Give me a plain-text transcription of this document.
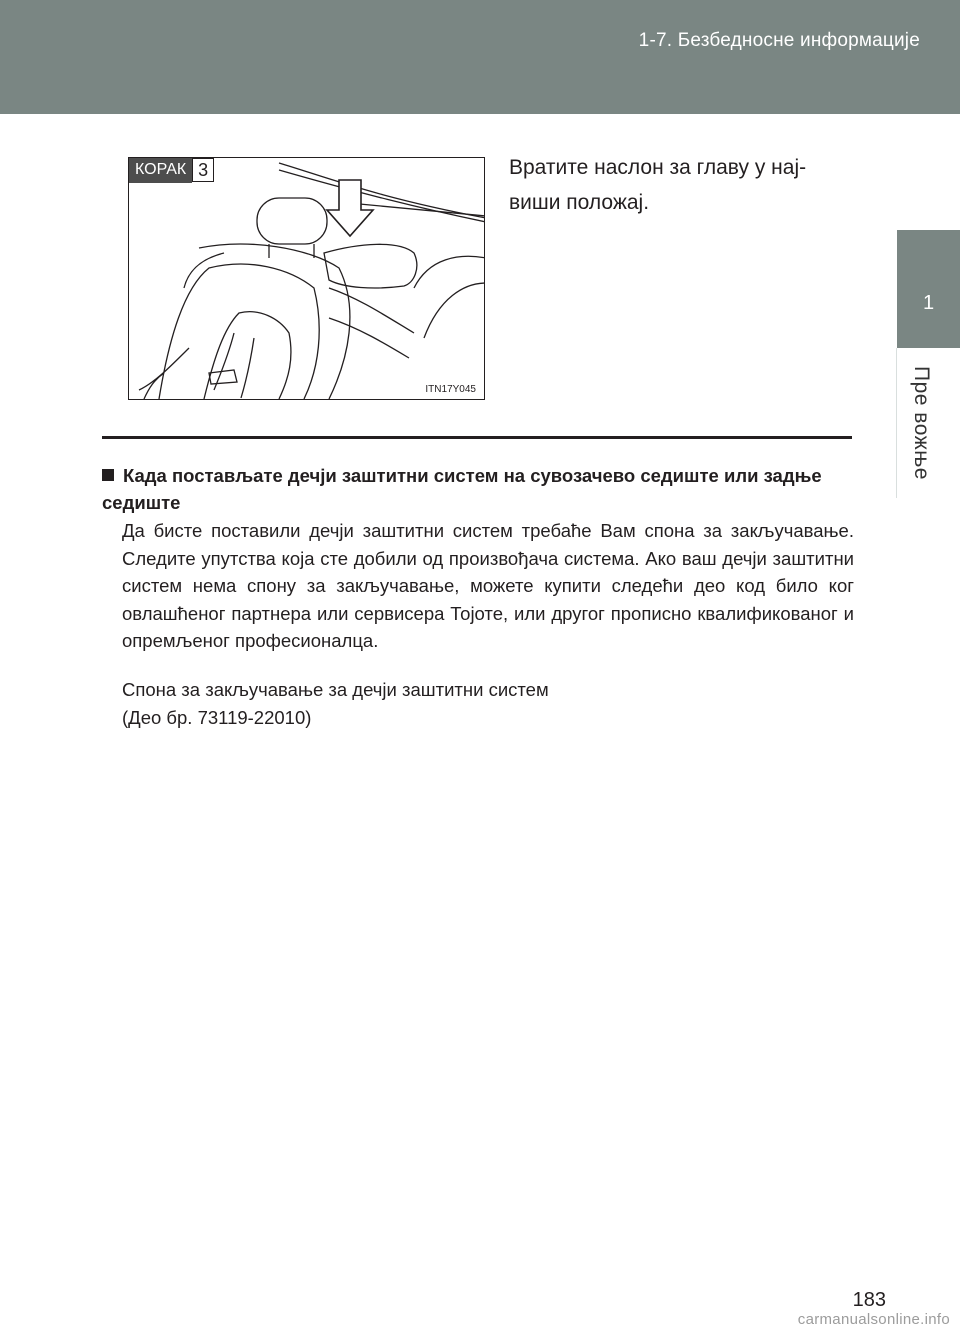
1-7. Безбедносне информације
1
Пре вожње
КОРАК 3
ITN17Y045
Вратите наслон за главу у нај-
виши положај.
Када постављате дечји заштитни систем на сувозачево седиште или задње седиште
Да бисте поставили дечји заштитни систем требаће Вам спона за закључавање. Следите упутства која сте добили од произвођача система. Ако ваш дечји заштитни систем нема спону за закључавање, можете купити следећи део код било ког овлашћеног партнера или сервисера Тојоте, или другог прописно квалификованог и опремљеног професионалца.
Спона за закључавање за дечји заштитни систем
(Део бр. 73119-22010)
183
carmanualsonline.info
